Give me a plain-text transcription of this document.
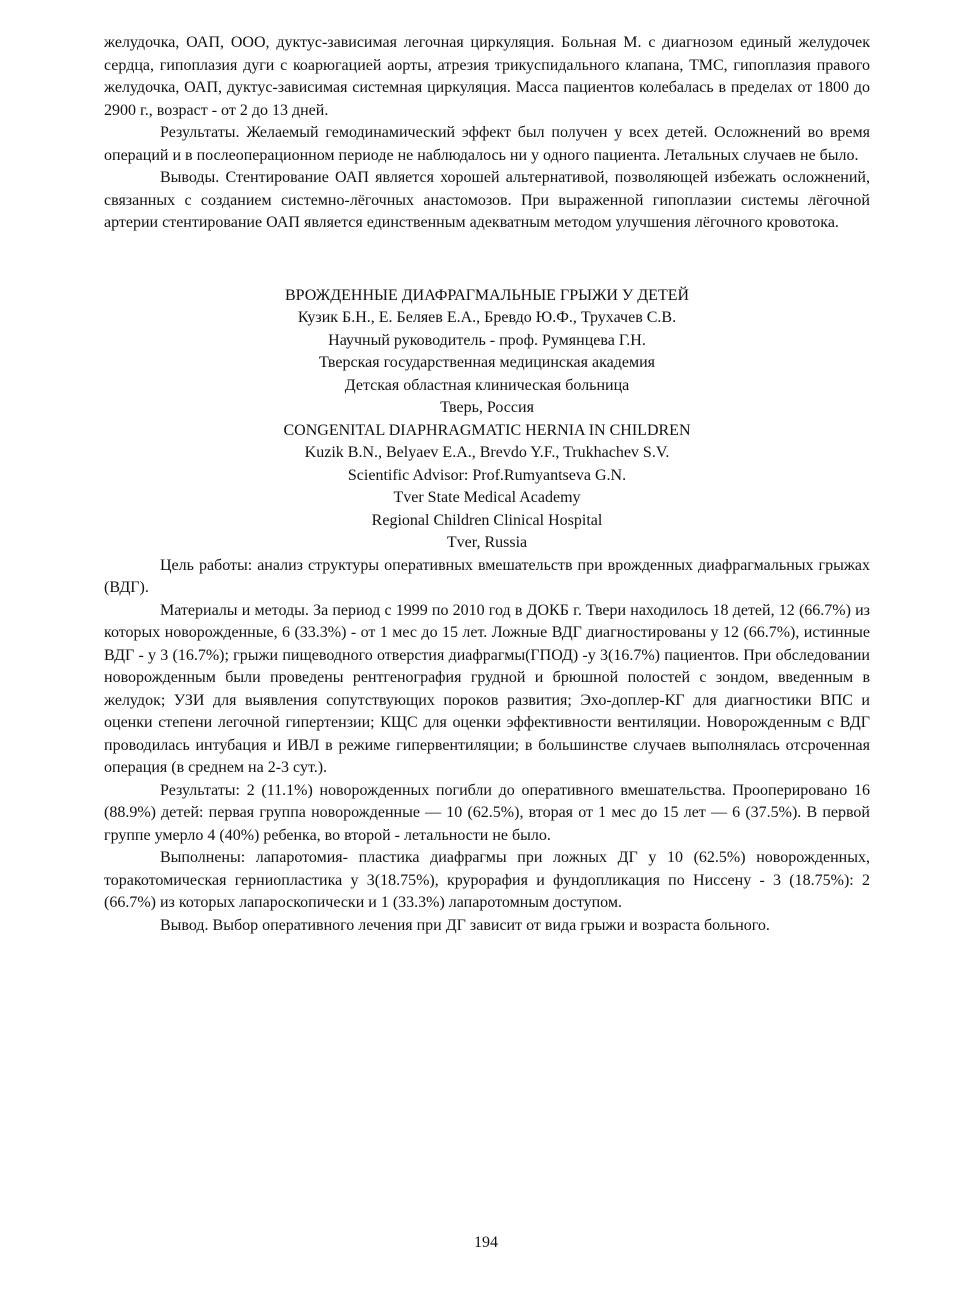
желудочка, ОАП, ООО, дуктус-зависимая легочная циркуляция. Больная М. с диагнозом единый желудочек сердца, гипоплазия дуги с коарюгацией аорты, атрезия трикуспидального клапана, ТМС, гипоплазия правого желудочка, ОАП, дуктус-зависимая системная циркуляция. Масса пациентов колебалась в пределах от 1800 до 2900 г., возраст - от 2 до 13 дней.

Результаты. Желаемый гемодинамический эффект был получен у всех детей. Осложнений во время операций и в послеоперационном периоде не наблюдалось ни у одного пациента. Летальных случаев не было.

Выводы. Стентирование ОАП является хорошей альтернативой, позволяющей избежать осложнений, связанных с созданием системно-лёгочных анастомозов. При выраженной гипоплазии системы лёгочной артерии стентирование ОАП является единственным адекватным методом улучшения лёгочного кровотока.

ВРОЖДЕННЫЕ ДИАФРАГМАЛЬНЫЕ ГРЫЖИ У ДЕТЕЙ

Кузик Б.Н., Е. Беляев Е.А., Бревдо Ю.Ф., Трухачев С.В.

Научный руководитель - проф. Румянцева Г.Н.

Тверская государственная медицинская академия

Детская областная клиническая больница

Тверь, Россия

CONGENITAL DIAPHRAGMATIC HERNIA IN CHILDREN

Kuzik B.N., Belyaev E.A., Brevdo Y.F., Trukhachev S.V.

Scientific Advisor: Prof.Rumyantseva G.N.

Tver State Medical Academy

Regional Children Clinical Hospital

Tver, Russia

Цель работы: анализ структуры оперативных вмешательств при врожденных диафрагмальных грыжах (ВДГ).

Материалы и методы. За период с 1999 по 2010 год в ДОКБ г. Твери находилось 18 детей, 12 (66.7%) из которых новорожденные, 6 (33.3%) - от 1 мес до 15 лет. Ложные ВДГ диагностированы у 12 (66.7%), истинные ВДГ - у 3 (16.7%); грыжи пищеводного отверстия диафрагмы(ГПОД) -у 3(16.7%) пациентов. При обследовании новорожденным были проведены рентгенография грудной и брюшной полостей с зондом, введенным в желудок; УЗИ для выявления сопутствующих пороков развития; Эхо-доплер-КГ для диагностики ВПС и оценки степени легочной гипертензии; КЩС для оценки эффективности вентиляции. Новорожденным с ВДГ проводилась интубация и ИВЛ в режиме гипервентиляции; в большинстве случаев выполнялась отсроченная операция (в среднем на 2-3 сут.).

Результаты: 2 (11.1%) новорожденных погибли до оперативного вмешательства. Прооперировано 16 (88.9%) детей: первая группа новорожденные — 10 (62.5%), вторая от 1 мес до 15 лет — 6 (37.5%). В первой группе умерло 4 (40%) ребенка, во второй - летальности не было.

Выполнены: лапаротомия- пластика диафрагмы при ложных ДГ у 10 (62.5%) новорожденных, торакотомическая герниопластика у 3(18.75%), крурорафия и фундопликация по Ниссену - 3 (18.75%): 2 (66.7%) из которых лапароскопически и 1 (33.3%) лапаротомным доступом.

Вывод. Выбор оперативного лечения при ДГ зависит от вида грыжи и возраста больного.

194
